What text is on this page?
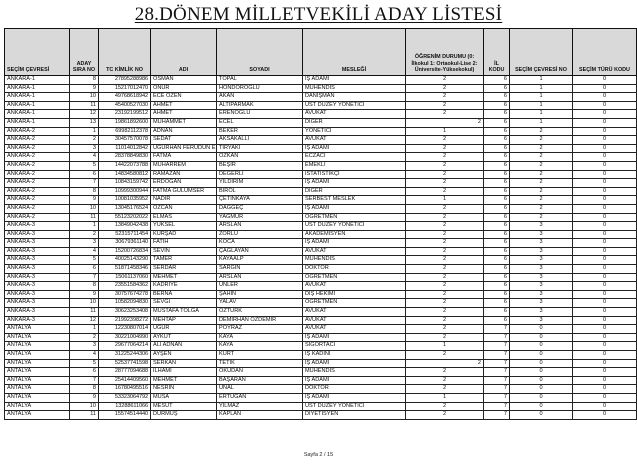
28.DÖNEM MİLLETVEKİLİ ADAY LİSTESİ
SEÇİM ÇEVRESİ	ADAY SIRA NO	TC KİMLİK NO	ADI	SOYADI	MESLEĞİ	ÖĞRENİM DURUMU (0: İlkokul 1: Ortaokul-Lise 2: Üniversite-Yüksekokul)	İL KODU	SEÇİM ÇEVRESİ NO	SEÇİM TÜRÜ KODU
ANKARA-1	8	27895288986	OSMAN	TOPAL	İŞ ADAMI	2	6	1	0
ANKARA-1	9	15217012470	ONUR	HONDOROĞLU	MÜHENDİS	2	6	1	0
ANKARA-1	10	49768618942	ECE ÖZEN	AKAN	DANIŞMAN	2	6	1	0
ANKARA-1	11	45400527030	AHMET	ALTIPARMAK	ÜST DÜZEY YÖNETİCİ	2	6	1	0
ANKARA-1	12	23192199512	AHMET	ERENOĞLU	AVUKAT	2	6	1	0
ANKARA-1	13	19861892600	MUHAMMET	ECEL	DİĞER	2	6	1	0
ANKARA-2	1	69982112378	ADNAN	BEKER	YÖNETİCİ	1	6	2	0
ANKARA-2	2	30457570078	SEDAT	AKSAKALLI	AVUKAT	2	6	2	0
ANKARA-2	3	11014012842	UĞURHAN FERUDUN E	TİRYAKİ	İŞ ADAMI	2	6	2	0
ANKARA-2	4	28378849830	FATMA	ÖZKAN	ECZACI	2	6	2	0
ANKARA-2	5	14422073788	MUHARREM	BEŞİR	EMEKLİ	2	6	2	0
ANKARA-2	6	14834580812	RAMAZAN	DEĞERLİ	İSTATİSTİKÇİ	2	6	2	0
ANKARA-2	7	10843159742	ERDOĞAN	YILDIRIM	İŞ ADAMI	2	6	2	0
ANKARA-2	8	10999300944	FATMA GÜLÜMSER	BİROL	DİĞER	2	6	2	0
ANKARA-2	9	10081035952	NADİR	ÇETİNKAYA	SERBEST MESLEK	1	6	2	0
ANKARA-2	10	13045176524	ÖZCAN	DAĞGEÇ	İŞ ADAMI	2	6	2	0
ANKARA-2	11	55123202022	ELMAS	YAĞMUR	ÖĞRETMEN	2	6	2	0
ANKARA-3	1	13849042438	YÜKSEL	ARSLAN	ÜST DÜZEY YÖNETİCİ	2	6	3	0
ANKARA-3	2	52315711454	KÜRŞAD	ZORLU	AKADEMİSYEN	2	6	3	0
ANKARA-3	3	30679361140	FATİH	KOCA	İŞ ADAMI	2	6	3	0
ANKARA-3	4	15200726834	SEVİN	ÇAĞLAYAN	AVUKAT	2	6	3	0
ANKARA-3	5	40025143290	TAMER	KAYAALP	MÜHENDİS	2	6	3	0
ANKARA-3	6	51871458346	SERDAR	SARGIN	DOKTOR	2	6	3	0
ANKARA-3	7	15061137060	MEHMET	ARSLAN	ÖĞRETMEN	2	6	3	0
ANKARA-3	8	23551584362	KADRİYE	ÜNLER	AVUKAT	2	6	3	0
ANKARA-3	9	30757674278	BERNA	ŞAHİN	DİŞ HEKİMİ	2	6	3	0
ANKARA-3	10	10582094830	SEVGİ	YALAV	ÖĞRETMEN	2	6	3	0
ANKARA-3	11	30623253408	MUSTAFA TOLGA	ÖZTÜRK	AVUKAT	2	6	3	0
ANKARA-3	12	21992398272	MEHTAP	DEMİRHAN ÖZDEMİR	AVUKAT	2	6	3	0
ANTALYA	1	12230807014	UĞUR	POYRAZ	AVUKAT	2	7	0	0
ANTALYA	2	30221004990	AYKUT	KAYA	İŞ ADAMI	2	7	0	0
ANTALYA	3	29677064214	ALİ ADNAN	KAYA	SİGORTACI	1	7	0	0
ANTALYA	4	31225244306	AYŞEN	KURT	İŞ KADINI	2	7	0	0
ANTALYA	5	52537741598	SERKAN	TETİK	İŞ ADAMI	2	7	0	0
ANTALYA	6	28777094688	İLHAMİ	OKUDAN	MÜHENDİS	2	7	0	0
ANTALYA	7	25414409560	MEHMET	BAŞARAN	İŞ ADAMI	2	7	0	0
ANTALYA	8	16780495516	NESRİN	ÜNAL	DOKTOR	2	7	0	0
ANTALYA	9	53323064792	MUSA	ERTUĞAN	İŞ ADAMI	1	7	0	0
ANTALYA	10	13288611066	MESUT	YILMAZ	ÜST DÜZEY YÖNETİCİ	2	7	0	0
ANTALYA	11	15574514440	DURMUŞ	KAPLAN	DİYETİSYEN	2	7	0	0
Sayfa 2 / 15
